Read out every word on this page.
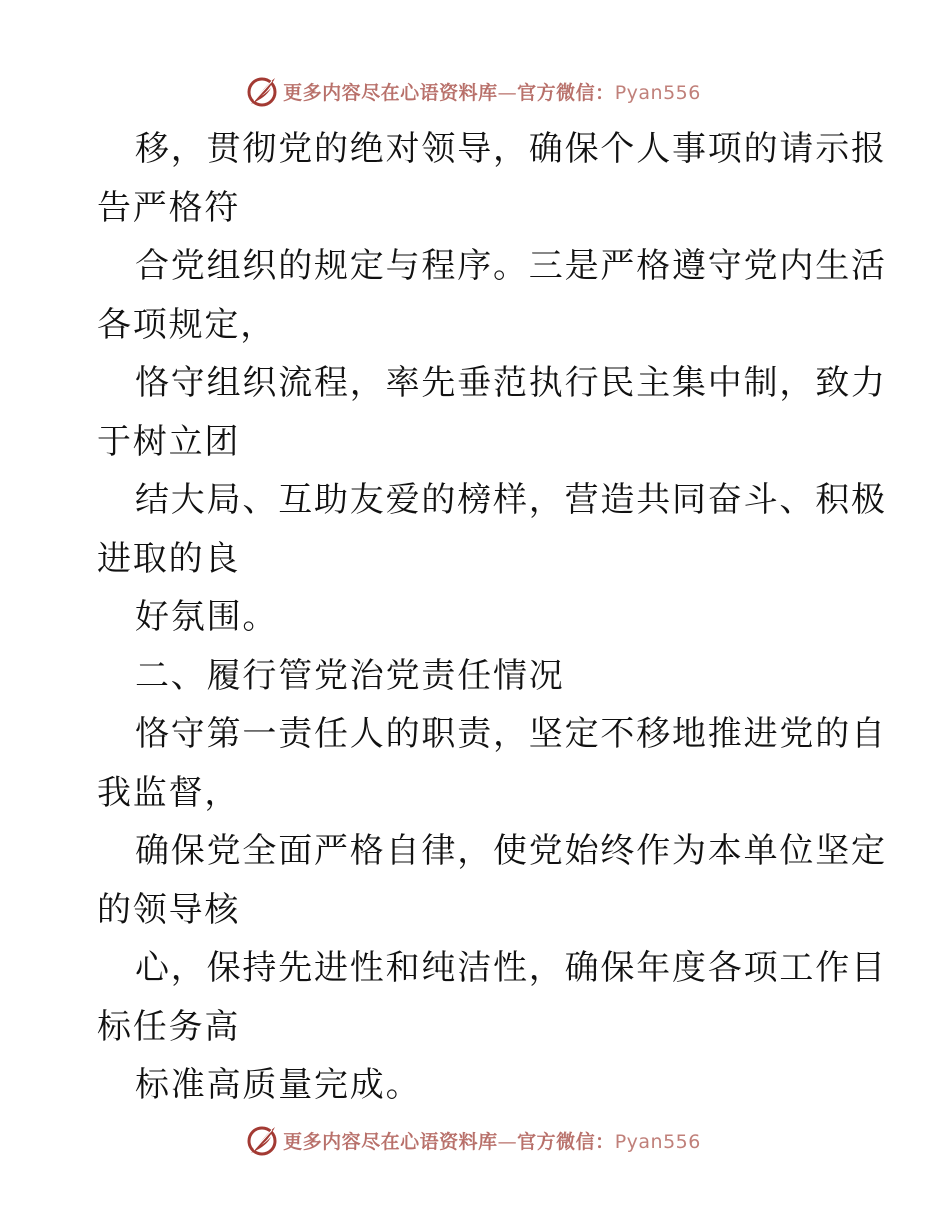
更多内容尽在心语资料库—官方微信：Pyan556
移，贯彻党的绝对领导，确保个人事项的请示报
告严格符
合党组织的规定与程序。三是严格遵守党内生活
各项规定，
恪守组织流程，率先垂范执行民主集中制，致力
于树立团
结大局、互助友爱的榜样，营造共同奋斗、积极
进取的良
好氛围。
二、履行管党治党责任情况
恪守第一责任人的职责，坚定不移地推进党的自
我监督，
确保党全面严格自律，使党始终作为本单位坚定
的领导核
心，保持先进性和纯洁性，确保年度各项工作目
标任务高
标准高质量完成。
更多内容尽在心语资料库—官方微信：Pyan556
